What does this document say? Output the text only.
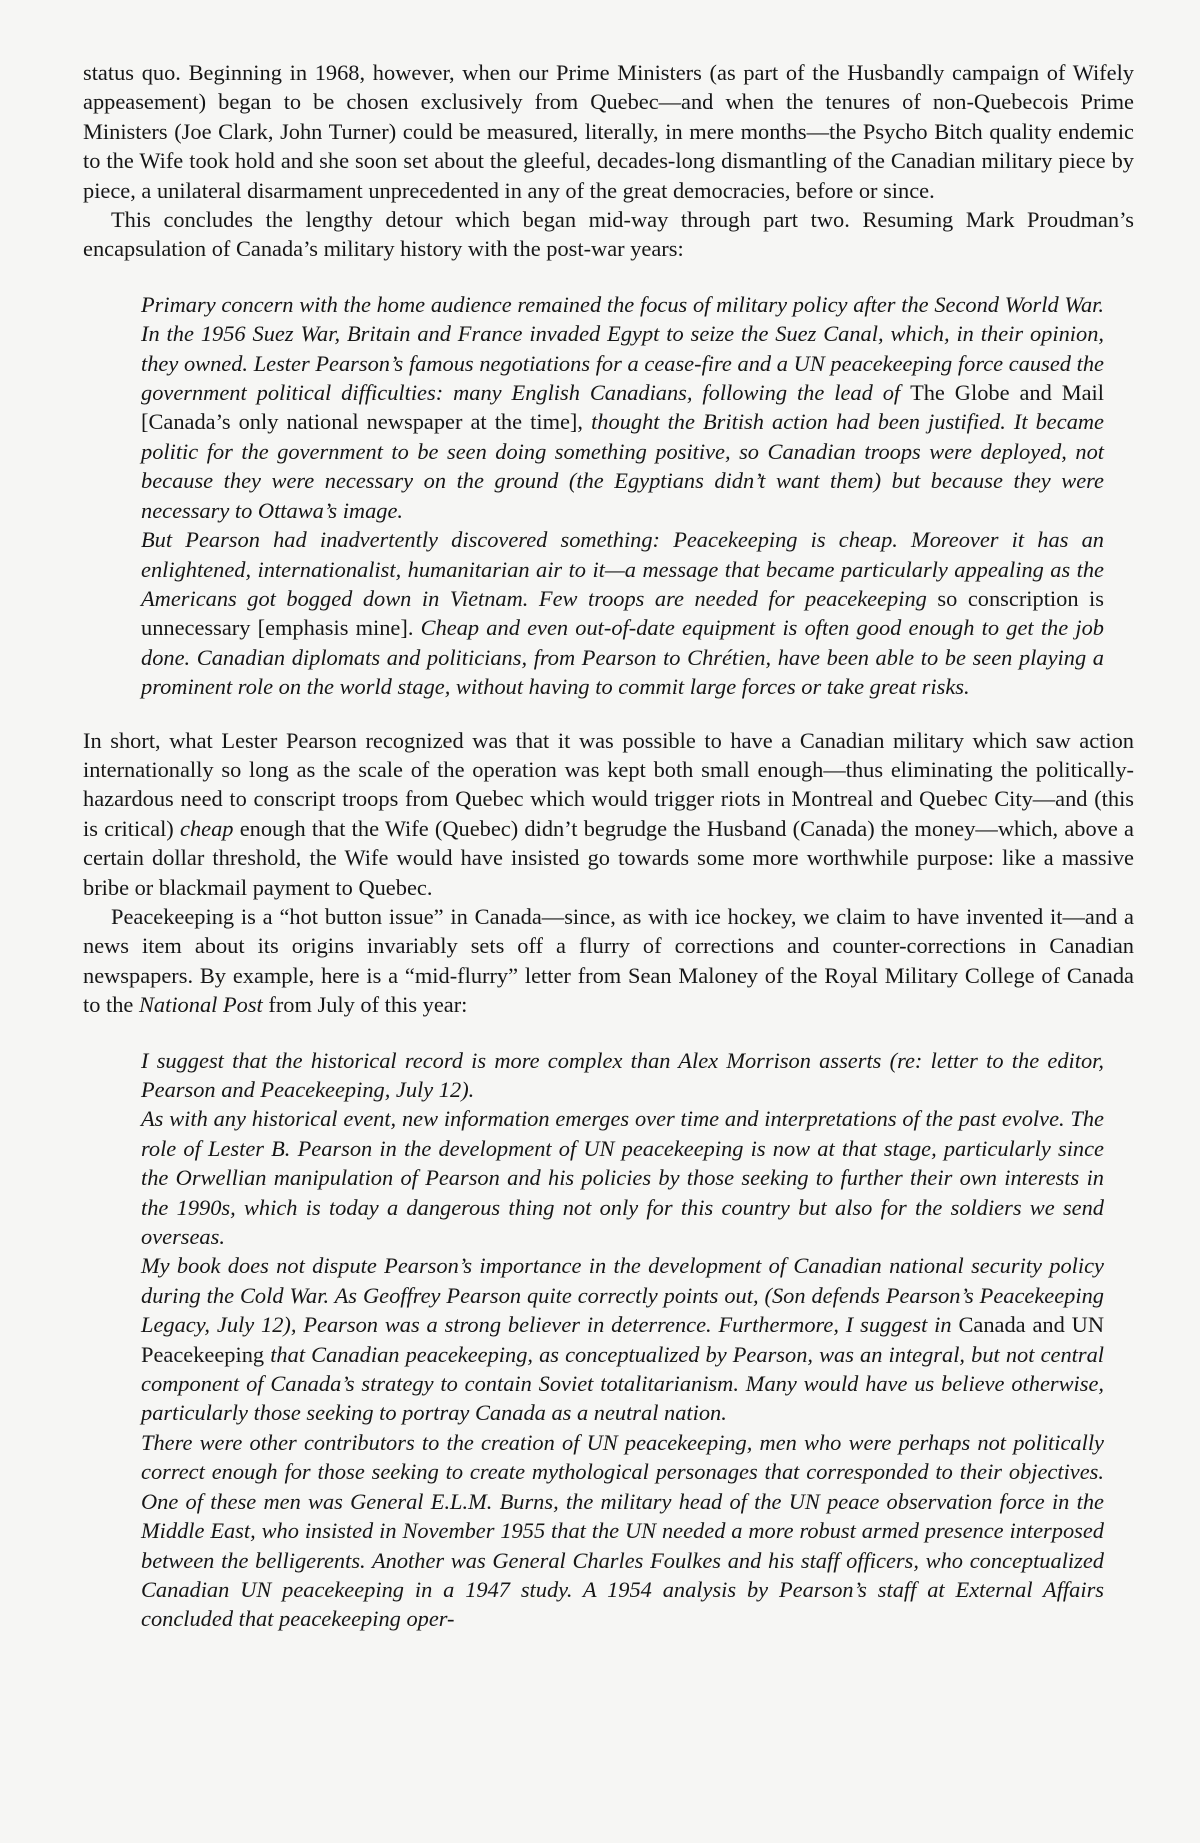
status quo. Beginning in 1968, however, when our Prime Ministers (as part of the Husbandly campaign of Wifely appeasement) began to be chosen exclusively from Quebec—and when the tenures of non-Quebecois Prime Ministers (Joe Clark, John Turner) could be measured, literally, in mere months—the Psycho Bitch quality endemic to the Wife took hold and she soon set about the gleeful, decades-long dismantling of the Canadian military piece by piece, a unilateral disarmament unprecedented in any of the great democracies, before or since.

This concludes the lengthy detour which began mid-way through part two. Resuming Mark Proudman’s encapsulation of Canada’s military history with the post-war years:

Primary concern with the home audience remained the focus of military policy after the Second World War. In the 1956 Suez War, Britain and France invaded Egypt to seize the Suez Canal, which, in their opinion, they owned. Lester Pearson’s famous negotiations for a cease-fire and a UN peacekeeping force caused the government political difficulties: many English Canadians, following the lead of The Globe and Mail [Canada’s only national newspaper at the time], thought the British action had been justified. It became politic for the government to be seen doing something positive, so Canadian troops were deployed, not because they were necessary on the ground (the Egyptians didn’t want them) but because they were necessary to Ottawa’s image.

But Pearson had inadvertently discovered something: Peacekeeping is cheap. Moreover it has an enlightened, internationalist, humanitarian air to it—a message that became particularly appealing as the Americans got bogged down in Vietnam. Few troops are needed for peacekeeping so conscription is unnecessary [emphasis mine]. Cheap and even out-of-date equipment is often good enough to get the job done. Canadian diplomats and politicians, from Pearson to Chrétien, have been able to be seen playing a prominent role on the world stage, without having to commit large forces or take great risks.

In short, what Lester Pearson recognized was that it was possible to have a Canadian military which saw action internationally so long as the scale of the operation was kept both small enough—thus eliminating the politically-hazardous need to conscript troops from Quebec which would trigger riots in Montreal and Quebec City—and (this is critical) cheap enough that the Wife (Quebec) didn’t begrudge the Husband (Canada) the money—which, above a certain dollar threshold, the Wife would have insisted go towards some more worthwhile purpose: like a massive bribe or blackmail payment to Quebec.

Peacekeeping is a “hot button issue” in Canada—since, as with ice hockey, we claim to have invented it—and a news item about its origins invariably sets off a flurry of corrections and counter-corrections in Canadian newspapers. By example, here is a “mid-flurry” letter from Sean Maloney of the Royal Military College of Canada to the National Post from July of this year:

I suggest that the historical record is more complex than Alex Morrison asserts (re: letter to the editor, Pearson and Peacekeeping, July 12).

As with any historical event, new information emerges over time and interpretations of the past evolve. The role of Lester B. Pearson in the development of UN peacekeeping is now at that stage, particularly since the Orwellian manipulation of Pearson and his policies by those seeking to further their own interests in the 1990s, which is today a dangerous thing not only for this country but also for the soldiers we send overseas.

My book does not dispute Pearson’s importance in the development of Canadian national security policy during the Cold War. As Geoffrey Pearson quite correctly points out, (Son defends Pearson’s Peacekeeping Legacy, July 12), Pearson was a strong believer in deterrence. Furthermore, I suggest in Canada and UN Peacekeeping that Canadian peacekeeping, as conceptualized by Pearson, was an integral, but not central component of Canada’s strategy to contain Soviet totalitarianism. Many would have us believe otherwise, particularly those seeking to portray Canada as a neutral nation.

There were other contributors to the creation of UN peacekeeping, men who were perhaps not politically correct enough for those seeking to create mythological personages that corresponded to their objectives. One of these men was General E.L.M. Burns, the military head of the UN peace observation force in the Middle East, who insisted in November 1955 that the UN needed a more robust armed presence interposed between the belligerents. Another was General Charles Foulkes and his staff officers, who conceptualized Canadian UN peacekeeping in a 1947 study. A 1954 analysis by Pearson’s staff at External Affairs concluded that peacekeeping oper-
